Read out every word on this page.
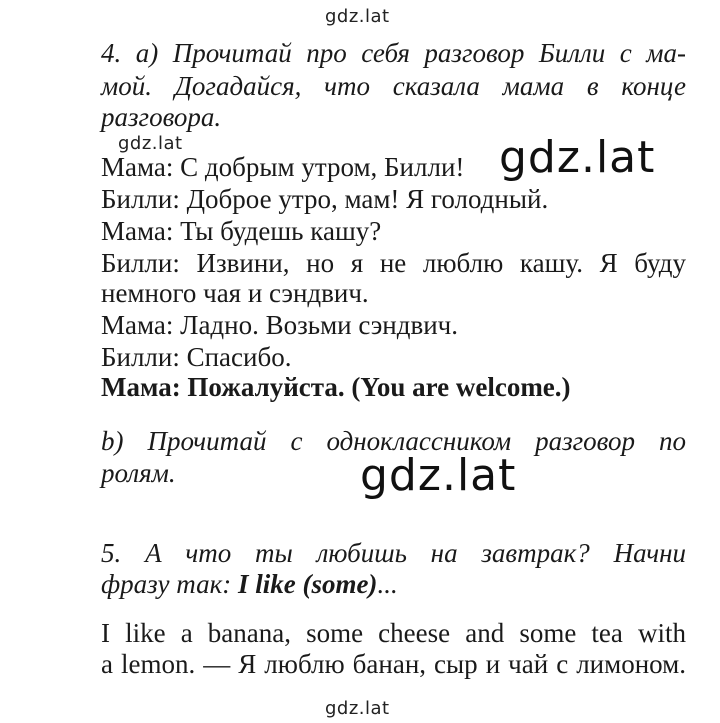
gdz.lat
4. a) Прочитай про себя разговор Билли с ма-
мой. Догадайся, что сказала мама в конце
разговора.
gdz.lat
Мама: С добрым утром, Билли! gdz.lat
Билли: Доброе утро, мам! Я голодный.
Мама: Ты будешь кашу?
Билли: Извини, но я не люблю кашу. Я буду
немного чая и сэндвич.
Мама: Ладно. Возьми сэндвич.
Билли: Спасибо.
Мама: Пожалуйста. (You are welcome.)
b) Прочитай с одноклассником разговор по
ролям.	gdz.lat
5. А что ты любишь на завтрак? Начни
фразу так: I like (some)...
I like a banana, some cheese and some tea with
a lemon. — Я люблю банан, сыр и чай с лимоном.
gdz.lat
